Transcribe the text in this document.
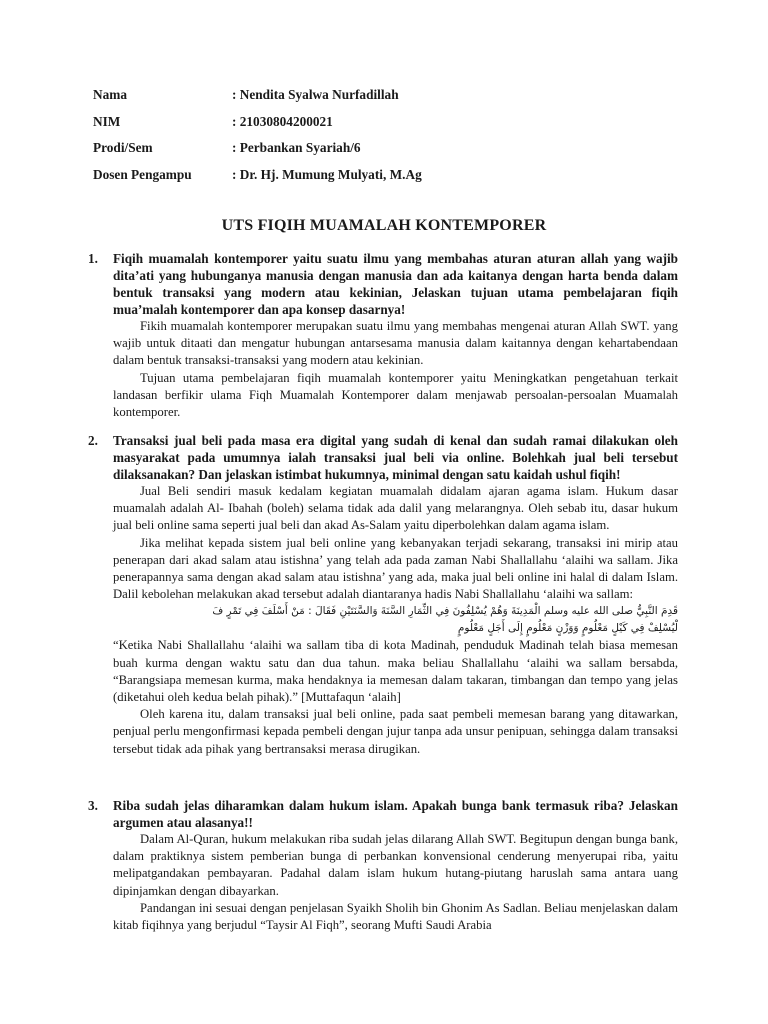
Nama	: Nendita Syalwa Nurfadillah
NIM	: 21030804200021
Prodi/Sem	: Perbankan Syariah/6
Dosen Pengampu	: Dr. Hj. Mumung Mulyati, M.Ag
UTS FIQIH MUAMALAH KONTEMPORER
1.	Fiqih muamalah kontemporer yaitu suatu ilmu yang membahas aturan aturan allah yang wajib dita’ati yang hubunganya manusia dengan manusia dan ada kaitanya dengan harta benda dalam bentuk transaksi yang modern atau kekinian, Jelaskan tujuan utama pembelajaran fiqih mua’malah kontemporer dan apa konsep dasarnya!

Fikih muamalah kontemporer merupakan suatu ilmu yang membahas mengenai aturan Allah SWT. yang wajib untuk ditaati dan mengatur hubungan antarsesama manusia dalam kaitannya dengan kehartabendaan dalam bentuk transaksi-transaksi yang modern atau kekinian.

Tujuan utama pembelajaran fiqih muamalah kontemporer yaitu Meningkatkan pengetahuan terkait landasan berfikir ulama Fiqh Muamalah Kontemporer dalam menjawab persoalan-persoalan Muamalah kontemporer.

2.	Transaksi jual beli pada masa era digital yang sudah di kenal dan sudah ramai dilakukan oleh masyarakat pada umumnya ialah transaksi jual beli via online. Bolehkah jual beli tersebut dilaksanakan? Dan jelaskan istimbat hukumnya, minimal dengan satu kaidah ushul fiqih!

Jual Beli sendiri masuk kedalam kegiatan muamalah didalam ajaran agama islam. Hukum dasar muamalah adalah Al- Ibahah (boleh) selama tidak ada dalil yang melarangnya. Oleh sebab itu, dasar hukum jual beli online sama seperti jual beli dan akad As-Salam yaitu diperbolehkan dalam agama islam.

Jika melihat kepada sistem jual beli online yang kebanyakan terjadi sekarang, transaksi ini mirip atau penerapan dari akad salam atau istishna’ yang telah ada pada zaman Nabi Shallallahu ‘alaihi wa sallam. Jika penerapannya sama dengan akad salam atau istishna’ yang ada, maka jual beli online ini halal di dalam Islam. Dalil kebolehan melakukan akad tersebut adalah diantaranya hadis Nabi Shallallahu ‘alaihi wa sallam:

قَدِمَ النَّبِيُّ صلى الله عليه وسلم الْمَدِينَةَ وَهُمْ يُسْلِفُونَ فِي الثِّمَارِ السَّنَةَ وَالسَّنَتَيْنِ فَقَالَ : مَنْ أَسْلَفَ فِي تَمْرٍ فَ
لْيُسْلِفْ فِي كَيْلٍ مَعْلُومٍ وَوَزْنٍ مَعْلُومٍ إِلَى أَجَلٍ مَعْلُومٍ

“Ketika Nabi Shallallahu ‘alaihi wa sallam tiba di kota Madinah, penduduk Madinah telah biasa memesan buah kurma dengan waktu satu dan dua tahun. maka beliau Shallallahu ‘alaihi wa sallam bersabda, “Barangsiapa memesan kurma, maka hendaknya ia memesan dalam takaran, timbangan dan tempo yang jelas (diketahui oleh kedua belah pihak).” [Muttafaqun ‘alaih]

Oleh karena itu, dalam transaksi jual beli online, pada saat pembeli memesan barang yang ditawarkan, penjual perlu mengonfirmasi kepada pembeli dengan jujur tanpa ada unsur penipuan, sehingga dalam transaksi tersebut tidak ada pihak yang bertransaksi merasa dirugikan.

3.	Riba sudah jelas diharamkan dalam hukum islam. Apakah bunga bank termasuk riba? Jelaskan argumen atau alasanya!!

Dalam Al-Quran, hukum melakukan riba sudah jelas dilarang Allah SWT. Begitupun dengan bunga bank, dalam praktiknya sistem pemberian bunga di perbankan konvensional cenderung menyerupai riba, yaitu melipatgandakan pembayaran. Padahal dalam islam hukum hutang-piutang haruslah sama antara uang dipinjamkan dengan dibayarkan.

Pandangan ini sesuai dengan penjelasan Syaikh Sholih bin Ghonim As Sadlan. Beliau menjelaskan dalam kitab fiqihnya yang berjudul “Taysir Al Fiqh”, seorang Mufti Saudi Arabia
